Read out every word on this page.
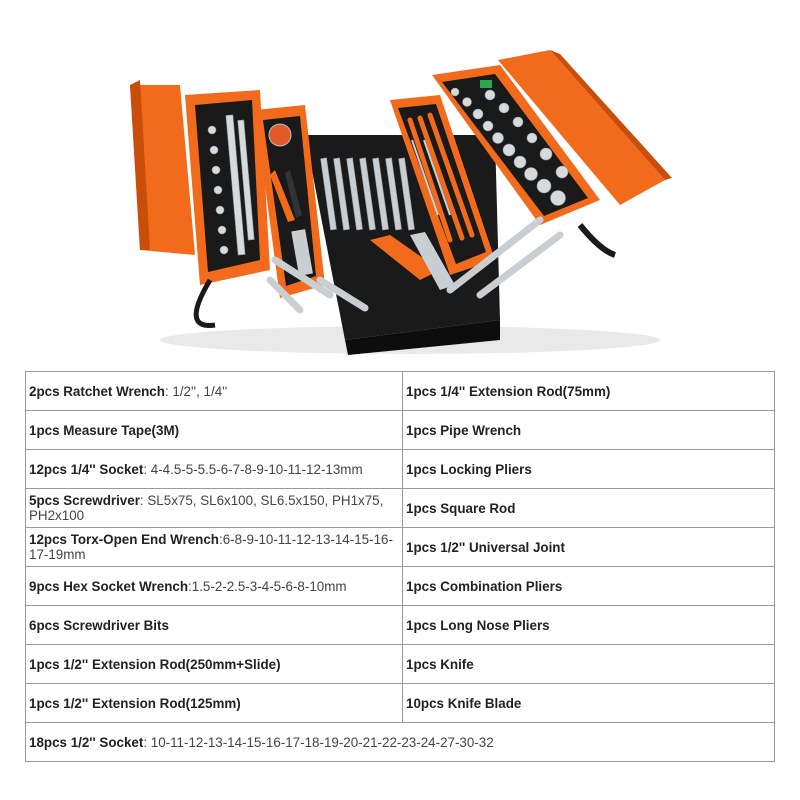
2pcs Ratchet Wrench: 1/2'', 1/4''	1pcs 1/4'' Extension Rod(75mm)
1pcs Measure Tape(3M)	1pcs Pipe Wrench
12pcs 1/4'' Socket: 4-4.5-5-5.5-6-7-8-9-10-11-12-13mm	1pcs Locking Pliers
5pcs Screwdriver: SL5x75, SL6x100, SL6.5x150, PH1x75, PH2x100	1pcs Square Rod
12pcs Torx-Open End Wrench:6-8-9-10-11-12-13-14-15-16-17-19mm	1pcs 1/2'' Universal Joint
9pcs Hex Socket Wrench:1.5-2-2.5-3-4-5-6-8-10mm	1pcs Combination Pliers
6pcs Screwdriver Bits	1pcs Long Nose Pliers
1pcs 1/2'' Extension Rod(250mm+Slide)	1pcs Knife
1pcs 1/2'' Extension Rod(125mm)	10pcs Knife Blade
18pcs 1/2'' Socket: 10-11-12-13-14-15-16-17-18-19-20-21-22-23-24-27-30-32	
